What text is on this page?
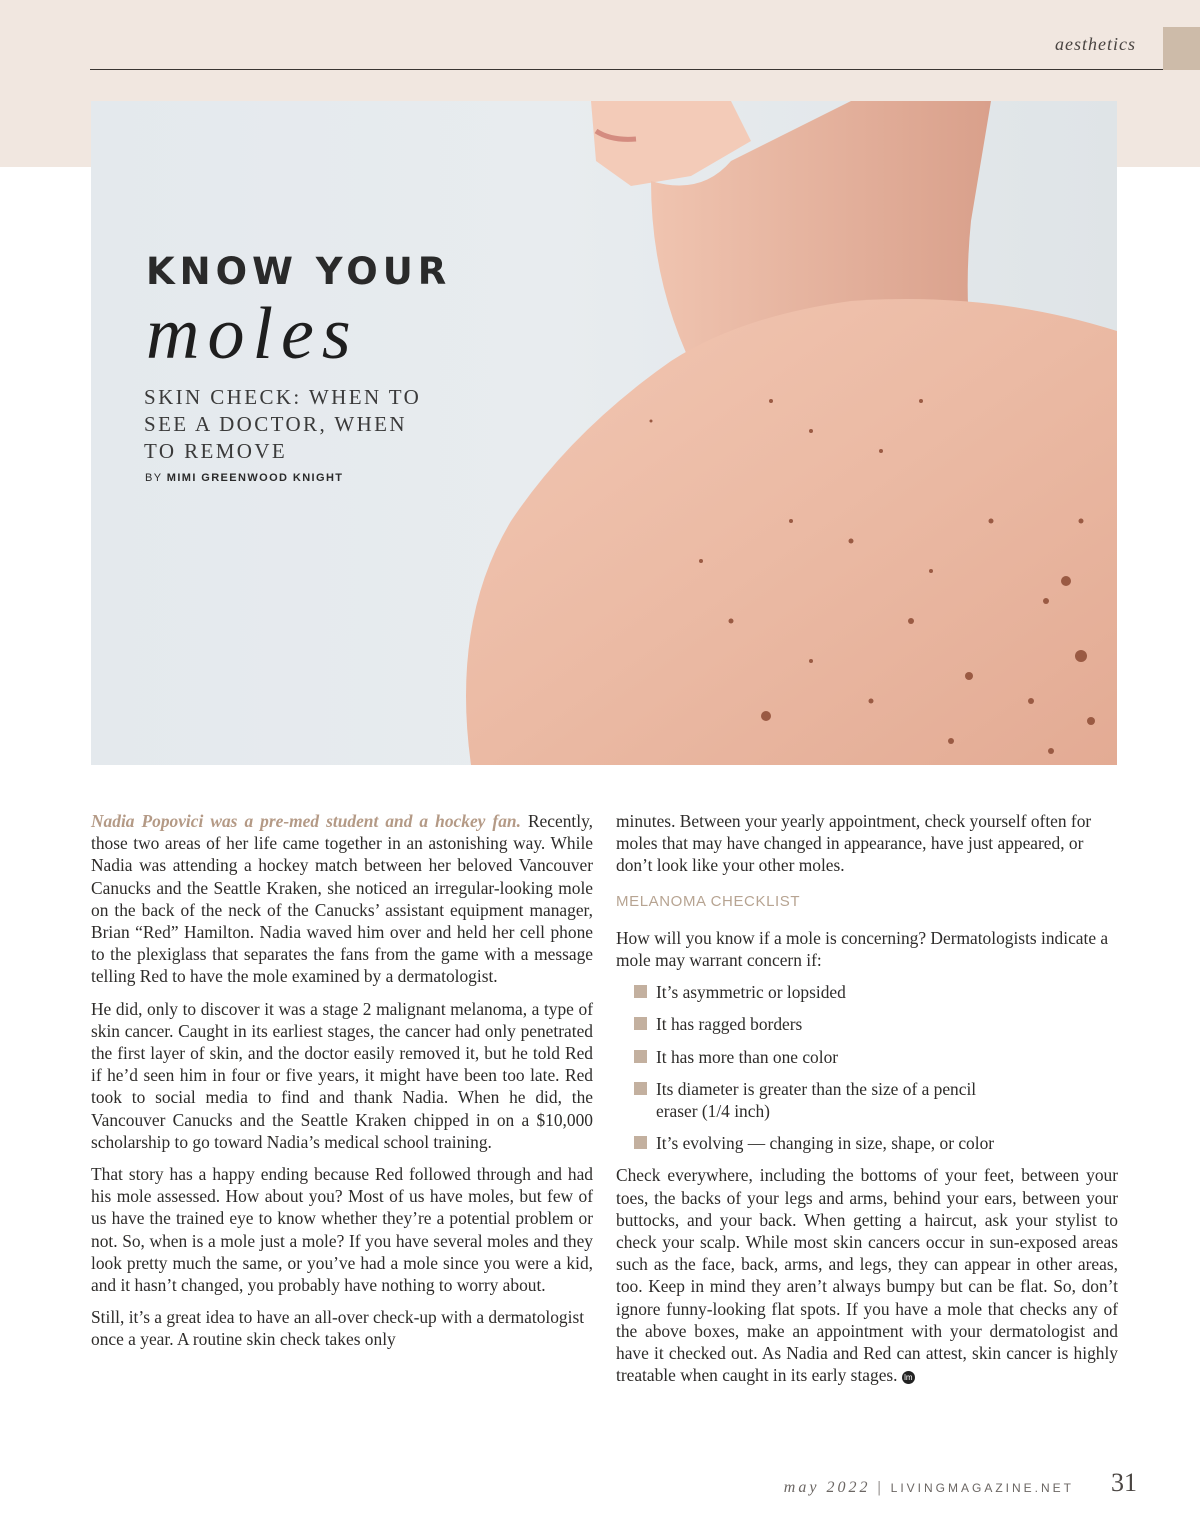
aesthetics
KNOW YOUR
moles
SKIN CHECK: WHEN TO SEE A DOCTOR, WHEN TO REMOVE
BY MIMI GREENWOOD KNIGHT

Nadia Popovici was a pre-med student and a hockey fan. Recently, those two areas of her life came together in an astonishing way. While Nadia was attending a hockey match between her beloved Vancouver Canucks and the Seattle Kraken, she noticed an irregular-looking mole on the back of the neck of the Canucks’ assistant equipment manager, Brian “Red” Hamilton. Nadia waved him over and held her cell phone to the plexiglass that separates the fans from the game with a message telling Red to have the mole examined by a dermatologist.

He did, only to discover it was a stage 2 malignant melanoma, a type of skin cancer. Caught in its earliest stages, the cancer had only penetrated the first layer of skin, and the doctor easily removed it, but he told Red if he’d seen him in four or five years, it might have been too late. Red took to social media to find and thank Nadia. When he did, the Vancouver Canucks and the Seattle Kraken chipped in on a $10,000 scholarship to go toward Nadia’s medical school training.

That story has a happy ending because Red followed through and had his mole assessed. How about you? Most of us have moles, but few of us have the trained eye to know whether they’re a potential problem or not. So, when is a mole just a mole? If you have several moles and they look pretty much the same, or you’ve had a mole since you were a kid, and it hasn’t changed, you probably have nothing to worry about.

Still, it’s a great idea to have an all-over check-up with a dermatologist once a year. A routine skin check takes only

minutes. Between your yearly appointment, check yourself often for moles that may have changed in appearance, have just appeared, or don’t look like your other moles.

MELANOMA CHECKLIST

How will you know if a mole is concerning? Dermatologists indicate a mole may warrant concern if:

It’s asymmetric or lopsided
It has ragged borders
It has more than one color
Its diameter is greater than the size of a pencil eraser (1/4 inch)
It’s evolving — changing in size, shape, or color

Check everywhere, including the bottoms of your feet, between your toes, the backs of your legs and arms, behind your ears, between your buttocks, and your back. When getting a haircut, ask your stylist to check your scalp. While most skin cancers occur in sun-exposed areas such as the face, back, arms, and legs, they can appear in other areas, too. Keep in mind they aren’t always bumpy but can be flat. So, don’t ignore funny-looking flat spots. If you have a mole that checks any of the above boxes, make an appointment with your dermatologist and have it checked out. As Nadia and Red can attest, skin cancer is highly treatable when caught in its early stages. lm

may 2022 | LIVINGMAGAZINE.NET 31
